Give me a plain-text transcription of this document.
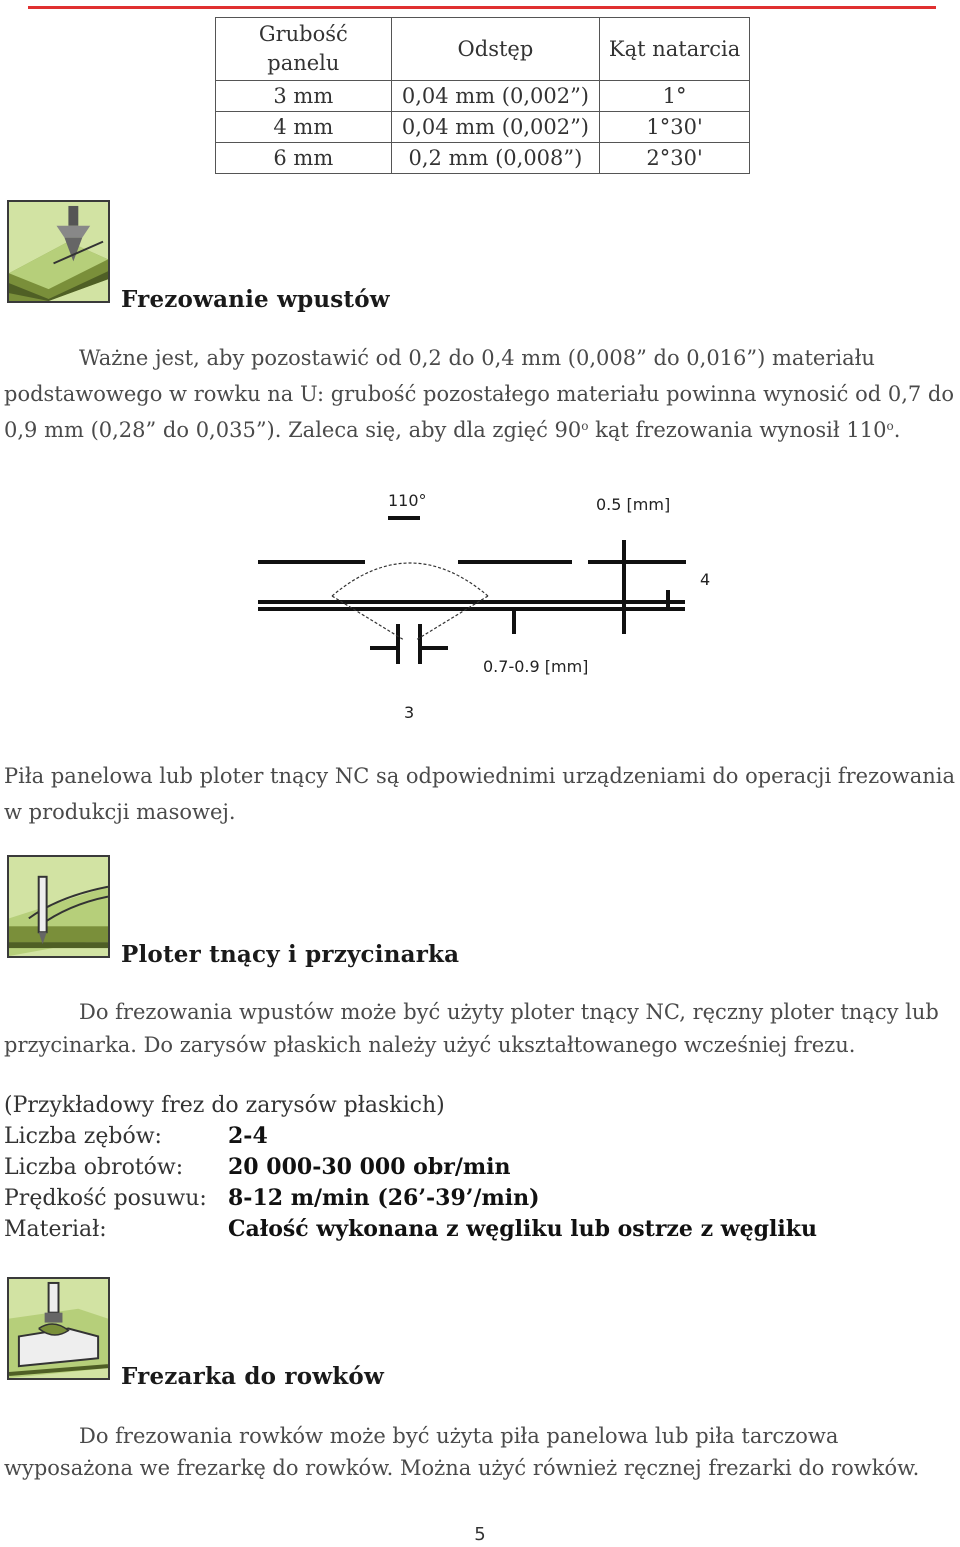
Grubość panelu	Odstęp	Kąt natarcia
3 mm	0,04 mm (0,002”)	1°
4 mm	0,04 mm (0,002”)	1°30'
6 mm	0,2 mm (0,008”)	2°30'
Frezowanie wpustów

Ważne jest, aby pozostawić od 0,2 do 0,4 mm (0,008” do 0,016”) materiału podstawowego w rowku na U: grubość pozostałego materiału powinna wynosić od 0,7 do 0,9 mm (0,28” do 0,035”). Zaleca się, aby dla zgięć 90$^o$ kąt frezowania wynosił 110$^o$.

110°	0.5 [mm]
4
0.7-0.9 [mm]
3

Piła panelowa lub ploter tnący NC są odpowiednimi urządzeniami do operacji frezowania w produkcji masowej.

Ploter tnący i przycinarka

Do frezowania wpustów może być użyty ploter tnący NC, ręczny ploter tnący lub przycinarka. Do zarysów płaskich należy użyć ukształtowanego wcześniej frezu.

(Przykładowy frez do zarysów płaskich)
Liczba zębów:	2-4
Liczba obrotów: 20 000-30 000 obr/min
Prędkość posuwu: 8-12 m/min (26’-39’/min)
Materiał:	Całość wykonana z węgliku lub ostrze z węgliku
Frezarka do rowków

Do frezowania rowków może być użyta piła panelowa lub piła tarczowa wyposażona we frezarkę do rowków. Można użyć również ręcznej frezarki do rowków.

5
